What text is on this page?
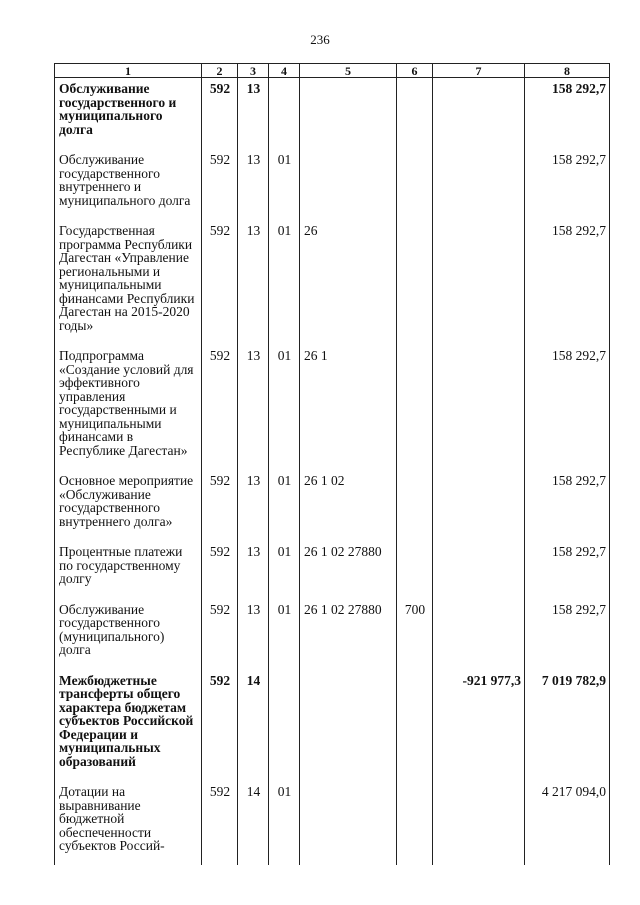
236
1	2	3	4	5	6	7	8
Обслуживание государственного и муниципального долга	592	13					158 292,7
Обслуживание государственного внутреннего и муниципального долга	592	13	01				158 292,7
Государственная программа Республики Дагестан «Управление региональными и муниципальными финансами Республики Дагестан на 2015-2020 годы»	592	13	01	26			158 292,7
Подпрограмма «Создание условий для эффективного управления государственными и муниципальными финансами в Республике Дагестан»	592	13	01	26 1			158 292,7
Основное мероприятие «Обслуживание государственного внутреннего долга»	592	13	01	26 1 02			158 292,7
Процентные платежи по государственному долгу	592	13	01	26 1 02 27880			158 292,7
Обслуживание государственного (муниципального) долга	592	13	01	26 1 02 27880	700		158 292,7
Межбюджетные трансферты общего характера бюджетам субъектов Российской Федерации и муниципальных образований	592	14				-921 977,3	7 019 782,9
Дотации на выравнивание бюджетной обеспеченности субъектов Россий-	592	14	01				4 217 094,0
